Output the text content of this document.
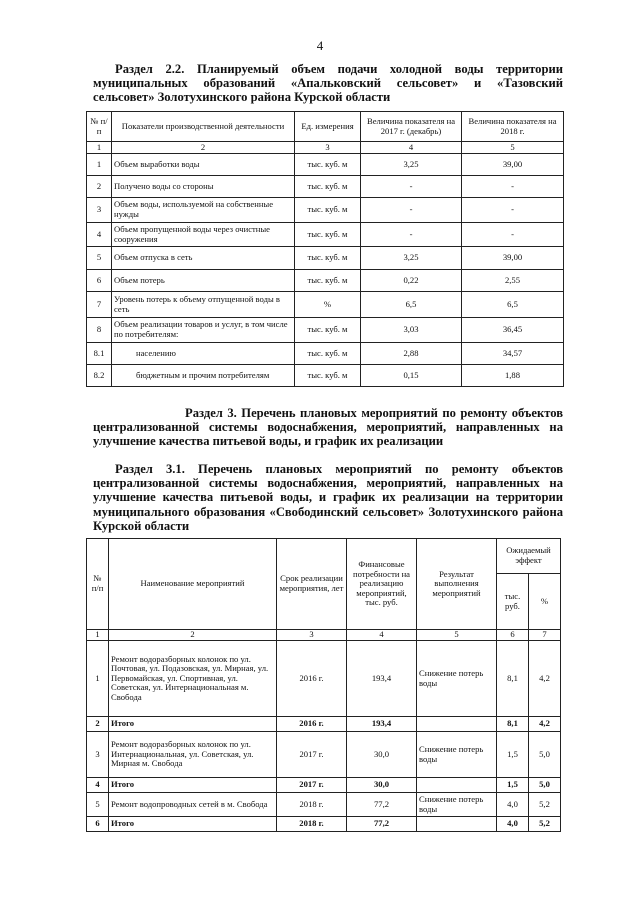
4
Раздел 2.2. Планируемый объем подачи холодной воды территории муниципальных образований «Апальковский сельсовет» и «Тазовский сельсовет» Золотухинского района Курской области
№ п/п	Показатели производственной деятельности	Ед. измерения	Величина показателя на 2017 г. (декабрь)	Величина показателя на 2018 г.
1	2	3	4	5
1	Объем выработки воды	тыс. куб. м	3,25	39,00
2	Получено воды со стороны	тыс. куб. м	-	-
3	Объем воды, используемой на собственные нужды	тыс. куб. м	-	-
4	Объем пропущенной воды через очистные сооружения	тыс. куб. м	-	-
5	Объем отпуска в сеть	тыс. куб. м	3,25	39,00
6	Объем потерь	тыс. куб. м	0,22	2,55
7	Уровень потерь к объему отпущенной воды в сеть	%	6,5	6,5
8	Объем реализации товаров и услуг, в том числе по потребителям:	тыс. куб. м	3,03	36,45
8.1	населению	тыс. куб. м	2,88	34,57
8.2	бюджетным и прочим потребителям	тыс. куб. м	0,15	1,88
Раздел 3. Перечень плановых мероприятий по ремонту объектов централизованной системы водоснабжения, мероприятий, направленных на улучшение качества питьевой воды, и график их реализации
Раздел 3.1. Перечень плановых мероприятий по ремонту объектов централизованной системы водоснабжения, мероприятий, направленных на улучшение качества питьевой воды, и график их реализации на территории муниципального образования «Свободинский сельсовет» Золотухинского района Курской области
№ п/п	Наименование мероприятий	Срок реализации мероприятия, лет	Финансовые потребности на реализацию мероприятий, тыс. руб.	Результат выполнения мероприятий	Ожидаемый эффект	
					тыс. руб.	%
1	2	3	4	5	6	7
1	Ремонт водоразборных колонок по ул. Почтовая, ул. Подазовская, ул. Мирная, ул. Первомайская, ул. Спортивная, ул. Советская, ул. Интернациональная м. Свобода	2016 г.	193,4	Снижение потерь воды	8,1	4,2
2	Итого	2016 г.	193,4		8,1	4,2
3	Ремонт водоразборных колонок по ул. Интернациональная, ул. Советская, ул. Мирная м. Свобода	2017 г.	30,0	Снижение потерь воды	1,5	5,0
4	Итого	2017 г.	30,0		1,5	5,0
5	Ремонт водопроводных сетей в м. Свобода	2018 г.	77,2	Снижение потерь воды	4,0	5,2
6	Итого	2018 г.	77,2		4,0	5,2
